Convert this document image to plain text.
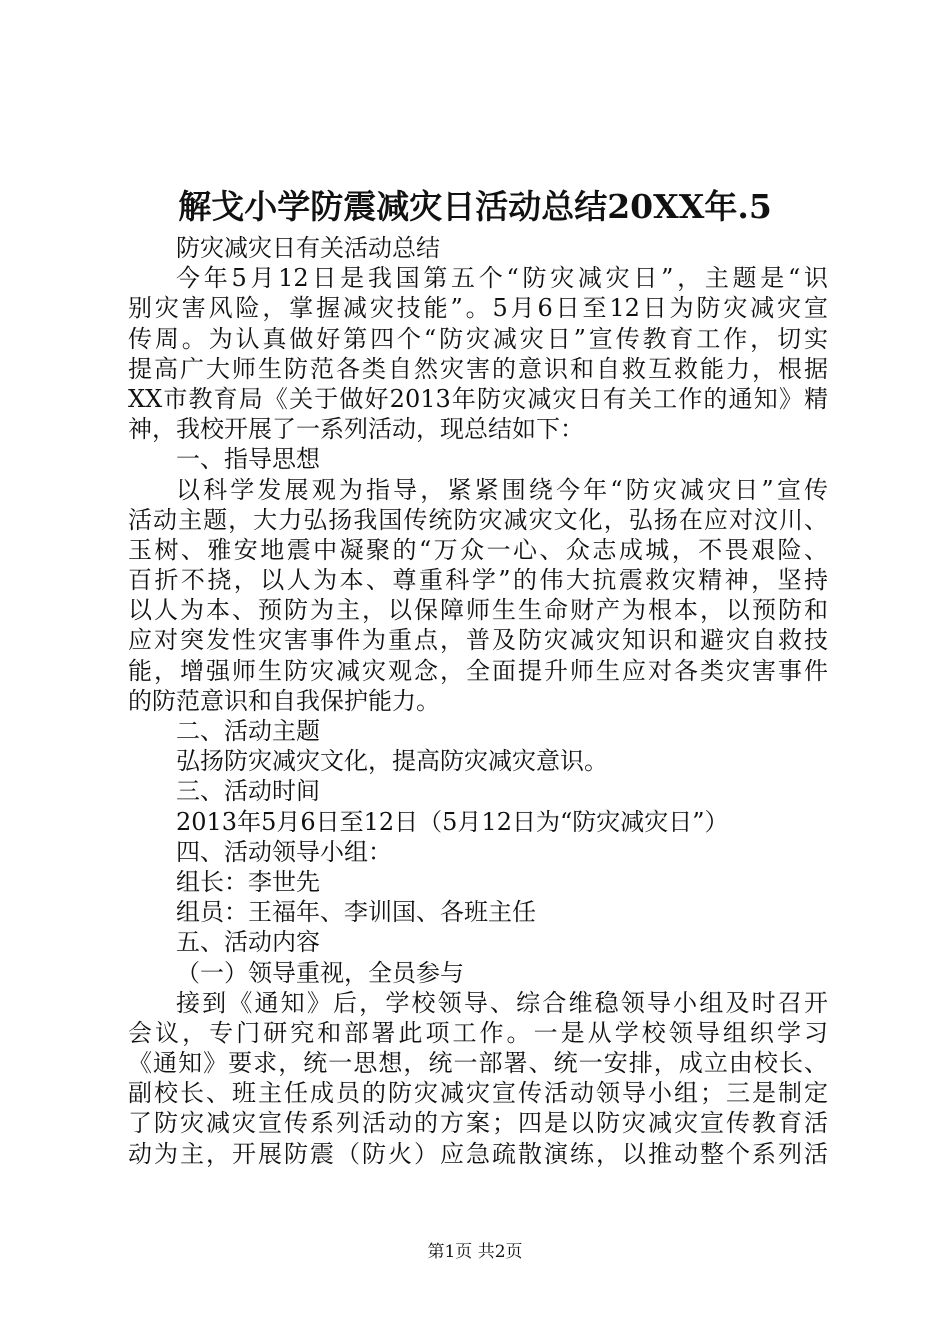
解戈小学防震减灾日活动总结20XX年.5
防灾减灾日有关活动总结
今年5月12日是我国第五个“防灾减灾日”，主题是“识
别灾害风险，掌握减灾技能”。5月6日至12日为防灾减灾宣
传周。为认真做好第四个“防灾减灾日”宣传教育工作，切实
提高广大师生防范各类自然灾害的意识和自救互救能力，根据
XX市教育局《关于做好2013年防灾减灾日有关工作的通知》精
神，我校开展了一系列活动，现总结如下：
一、指导思想
以科学发展观为指导，紧紧围绕今年“防灾减灾日”宣传
活动主题，大力弘扬我国传统防灾减灾文化，弘扬在应对汶川、
玉树、雅安地震中凝聚的“万众一心、众志成城，不畏艰险、
百折不挠，以人为本、尊重科学”的伟大抗震救灾精神，坚持
以人为本、预防为主，以保障师生生命财产为根本，以预防和
应对突发性灾害事件为重点，普及防灾减灾知识和避灾自救技
能，增强师生防灾减灾观念，全面提升师生应对各类灾害事件
的防范意识和自我保护能力。
二、活动主题
弘扬防灾减灾文化，提高防灾减灾意识。
三、活动时间
2013年5月6日至12日（5月12日为“防灾减灾日”）
四、活动领导小组：
组长：李世先
组员：王福年、李训国、各班主任
五、活动内容
（一）领导重视，全员参与
接到《通知》后，学校领导、综合维稳领导小组及时召开
会议，专门研究和部署此项工作。一是从学校领导组织学习
《通知》要求，统一思想，统一部署、统一安排，成立由校长、
副校长、班主任成员的防灾减灾宣传活动领导小组；三是制定
了防灾减灾宣传系列活动的方案；四是以防灾减灾宣传教育活
动为主，开展防震（防火）应急疏散演练，以推动整个系列活
第1页 共2页
